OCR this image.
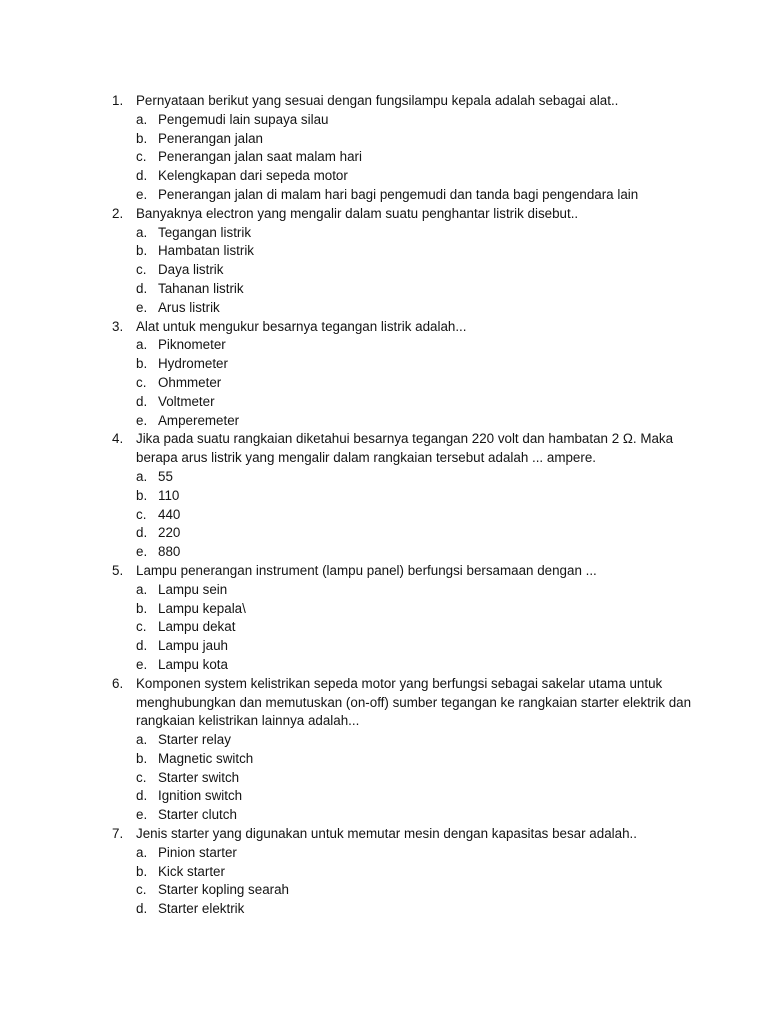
1. Pernyataan berikut yang sesuai dengan fungsilampu kepala adalah sebagai alat..
a. Pengemudi lain supaya silau
b. Penerangan jalan
c. Penerangan jalan saat malam hari
d. Kelengkapan dari sepeda motor
e. Penerangan jalan di malam hari bagi pengemudi dan tanda bagi pengendara lain
2. Banyaknya electron yang mengalir dalam suatu penghantar listrik disebut..
a. Tegangan listrik
b. Hambatan listrik
c. Daya listrik
d. Tahanan listrik
e. Arus listrik
3. Alat untuk mengukur besarnya tegangan listrik adalah...
a. Piknometer
b. Hydrometer
c. Ohmmeter
d. Voltmeter
e. Amperemeter
4. Jika pada suatu rangkaian diketahui besarnya tegangan 220 volt dan hambatan 2 Ω. Maka
berapa arus listrik yang mengalir dalam rangkaian tersebut adalah ... ampere.
a. 55
b. 110
c. 440
d. 220
e. 880
5. Lampu penerangan instrument (lampu panel) berfungsi bersamaan dengan ...
a. Lampu sein
b. Lampu kepala\
c. Lampu dekat
d. Lampu jauh
e. Lampu kota
6. Komponen system kelistrikan sepeda motor yang berfungsi sebagai sakelar utama untuk
menghubungkan dan memutuskan (on-off) sumber tegangan ke rangkaian starter elektrik dan
rangkaian kelistrikan lainnya adalah...
a. Starter relay
b. Magnetic switch
c. Starter switch
d. Ignition switch
e. Starter clutch
7. Jenis starter yang digunakan untuk memutar mesin dengan kapasitas besar adalah..
a. Pinion starter
b. Kick starter
c. Starter kopling searah
d. Starter elektrik
